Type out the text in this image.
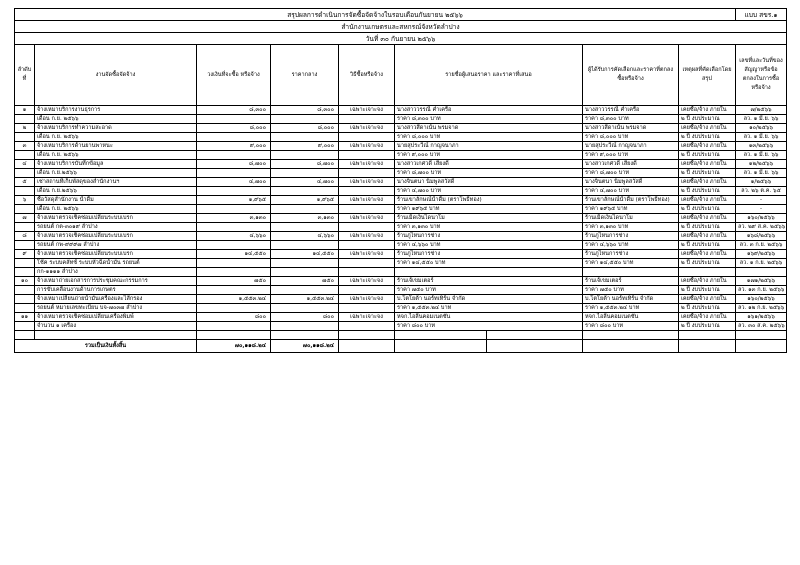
สรุปผลการดำเนินการจัดซื้อจัดจ้างในรอบเดือนกันยายน ๒๕๖๖									แบบ สขร.๑
สำนักงานเกษตรและสหกรณ์จังหวัดลำปาง									
วันที่ ๓๐ กันยายน ๒๕๖๖									
ลำดับที่	งานจัดซื้อจัดจ้าง	วงเงินที่จะซื้อ หรือจ้าง	ราคากลาง	วิธีซื้อหรือจ้าง	รายชื่อผู้เสนอราคา และราคาที่เสนอ		ผู้ได้รับการคัดเลือกและราคาที่ตกลงซื้อหรือจ้าง	เหตุผลที่คัดเลือกโดยสรุป	เลขที่และวันที่ของสัญญาหรือข้อตกลงในการซื้อหรือจ้าง
๑	จ้างเหมาบริการงานธุรการ	๘,๓๐๐	๘,๓๐๐	เฉพาะเจาะจง	นางสาววรรณี คำเครือ		นางสาววรรณี คำเครือ	เคยซื้อ/จ้าง ภายใน	๗/๒๕๖๖
	เดือน ก.ย. ๒๕๖๖				ราคา ๘,๓๐๐ บาท		ราคา ๘,๓๐๐ บาท	๒ ปี งบประมาณ	ลว. ๑ มี.ย. ๖๖
๒	จ้างเหมาบริการทำความสะอาด	๘,๐๐๐	๘,๐๐๐	เฉพาะเจาะจง	นางสาวสีดาเน้น พรมจาด		นางสาวสีดาเน้น พรมจาด	เคยซื้อ/จ้าง ภายใน	๑๐/๒๕๖๖
	เดือน ก.ย. ๒๕๖๖				ราคา ๘,๐๐๐ บาท		ราคา ๘,๐๐๐ บาท	๒ ปี งบประมาณ	ลว. ๑ มี.ย. ๖๖
๓	จ้างเหมาบริการด้านยานพาหนะ	๙,๐๐๐	๙,๐๐๐	เฉพาะเจาะจง	นายสุประวีณ์ กาญจนาภา		นายสุประวีณ์ กาญจนาภา	เคยซื้อ/จ้าง ภายใน	๑๓/๒๕๖๖
	เดือน ก.ย. ๒๕๖๖				ราคา ๙,๐๐๐ บาท		ราคา ๙,๐๐๐ บาท	๒ ปี งบประมาณ	ลว. ๑ มี.ย. ๖๖
๔	จ้างเหมาบริการบันทึกข้อมูล	๘,๗๐๐	๘,๗๐๐	เฉพาะเจาะจง	นางสาวเกศวดี เสียงดี		นางสาวเกศวดี เสียงดี	เคยซื้อ/จ้าง ภายใน	๑๒/๒๕๖๖
	เดือน ก.ย.๒๕๖๖				ราคา ๘,๗๐๐ บาท		ราคา ๘,๗๐๐ บาท	๒ ปี งบประมาณ	ลว. ๑ มี.ย. ๖๖
๕	เช่าสถานที่เก็บพัสดุของสำนักงานฯ	๔,๗๐๐	๔,๗๐๐	เฉพาะเจาะจง	นางจินตนา นิ่มพูลสวัสดิ์		นางจินตนา นิ่มพูลสวัสดิ์	เคยซื้อ/จ้าง ภายใน	๑/๒๕๖๖
	เดือน ก.ย.๒๕๖๖				ราคา ๔,๗๐๐ บาท		ราคา ๔,๗๐๐ บาท	๒ ปี งบประมาณ	ลว. ๒๖ ต.ค. ๖๕
๖	ซื้อวัสดุสำนักงาน น้ำดื่ม	๑,๙๖๕	๑,๙๖๕	เฉพาะเจาะจง	ร้านเขาลักษณ์น้ำดื่ม (ตราโพธิ์ทอง)		ร้านเขาลักษณ์น้ำดื่ม (ตราโพธิ์ทอง)	เคยซื้อ/จ้าง ภายใน	-
	เดือน ก.ย. ๒๕๖๖				ราคา ๑๙๖๕ บาท		ราคา ๑๙๖๕ บาท	๒ ปี งบประมาณ	-
๗	จ้างเหมาตรวจเช็คซ่อมเปลี่ยนระบบเบรก	๓,๑๓๐	๓,๑๓๐	เฉพาะเจาะจง	ร้านเม็ดเงินไดนาโม		ร้านเม็ดเงินไดนาโม	เคยซื้อ/จ้าง ภายใน	๑๖๐/๒๕๖๖
	รถยนต์ กต-๓๐๑๙ ลำปาง				ราคา ๓,๑๓๐ บาท		ราคา ๓,๑๓๐ บาท	๒ ปี งบประมาณ	ลว. ๒๙ ส.ค. ๒๕๖๖
๘	จ้างเหมาตรวจเช็คซ่อมเปลี่ยนระบบเบรก	๔,๖๖๐	๔,๖๖๐	เฉพาะเจาะจง	ร้านภูไหนการช่าง		ร้านภูไหนการช่าง	เคยซื้อ/จ้าง ภายใน	๑๖๘/๒๕๖๖
	รถยนต์ กพ-๙๙๙๗ ลำปาง				ราคา ๔,๖๖๐ บาท		ราคา ๔,๖๖๐ บาท	๒ ปี งบประมาณ	ลว. ๓ ก.ย. ๒๕๖๖
๙	จ้างเหมาตรวจเช็คซ่อมเปลี่ยนระบบเบรก	๑๔,๕๕๐	๑๔,๕๕๐	เฉพาะเจาะจง	ร้านภูไหนการช่าง		ร้านภูไหนการช่าง	เคยซื้อ/จ้าง ภายใน	๑๖๙/๒๕๖๖
	โช้ค ระบบคลัทช์ ระบบหัวฉีดน้ำมัน รถยนต์				ราคา ๑๔,๕๕๐ บาท		ราคา ๑๔,๕๕๐ บาท	๒ ปี งบประมาณ	ลว. ๑ ก.ย. ๒๕๖๖
	กก-๑๑๑๑ ลำปาง								
๑๐	จ้างเหมาถ่ายเอกสารการประชุมคณะกรรมการ	๗๕๐	๗๕๐	เฉพาะเจาะจง	ร้านเจ้เขมเตอร์		ร้านเจ้เขมเตอร์	เคยซื้อ/จ้าง ภายใน	๑๗๑/๒๕๖๖
	การขับเคลื่อนงานด้านการเกษตร				ราคา ๗๕๐ บาท		ราคา ๗๕๐ บาท	๒ ปี งบประมาณ	ลว. ๑๓ ก.ย. ๒๕๖๖
	จ้างเหมาเปลี่ยนถ่ายน้ำมันเครื่องและไส้กรอง	๑,๕๕๓.๒๔	๑,๕๕๓.๒๔	เฉพาะเจาะจง	บ.โตโยต้า นอร์ทเทิร์น จำกัด		บ.โตโยต้า นอร์ทเทิร์น จำกัด	เคยซื้อ/จ้าง ภายใน	๑๖๐/๒๕๖๖
	รถยนต์ หมายเลขทะเบียน บจ-๗๐๓๗ ลำปาง				ราคา ๑,๕๕๓.๒๔ บาท		ราคา ๑,๕๕๓.๒๔ บาท	๒ ปี งบประมาณ	ลว. ๑๒ ก.ย. ๒๕๖๖
๑๑	จ้างเหมาตรวจเช็คซ่อมเปลี่ยนเครื่องพิมพ์	๘๐๐	๘๐๐	เฉพาะเจาะจง	หจก.ไอลีนคอมเนตชั่น		หจก.ไอลีนคอมเนตชั่น	เคยซื้อ/จ้าง ภายใน	๑๖๑/๒๕๖๖
	จำนวน ๑ เครื่อง				ราคา ๘๐๐ บาท		ราคา ๘๐๐ บาท	๒ ปี งบประมาณ	ลว. ๓๐ ส.ค. ๒๕๖๖

รวมเป็นเงินทั้งสิ้น		๗๐,๑๑๘.๒๔	๗๐,๑๑๘.๒๔						
